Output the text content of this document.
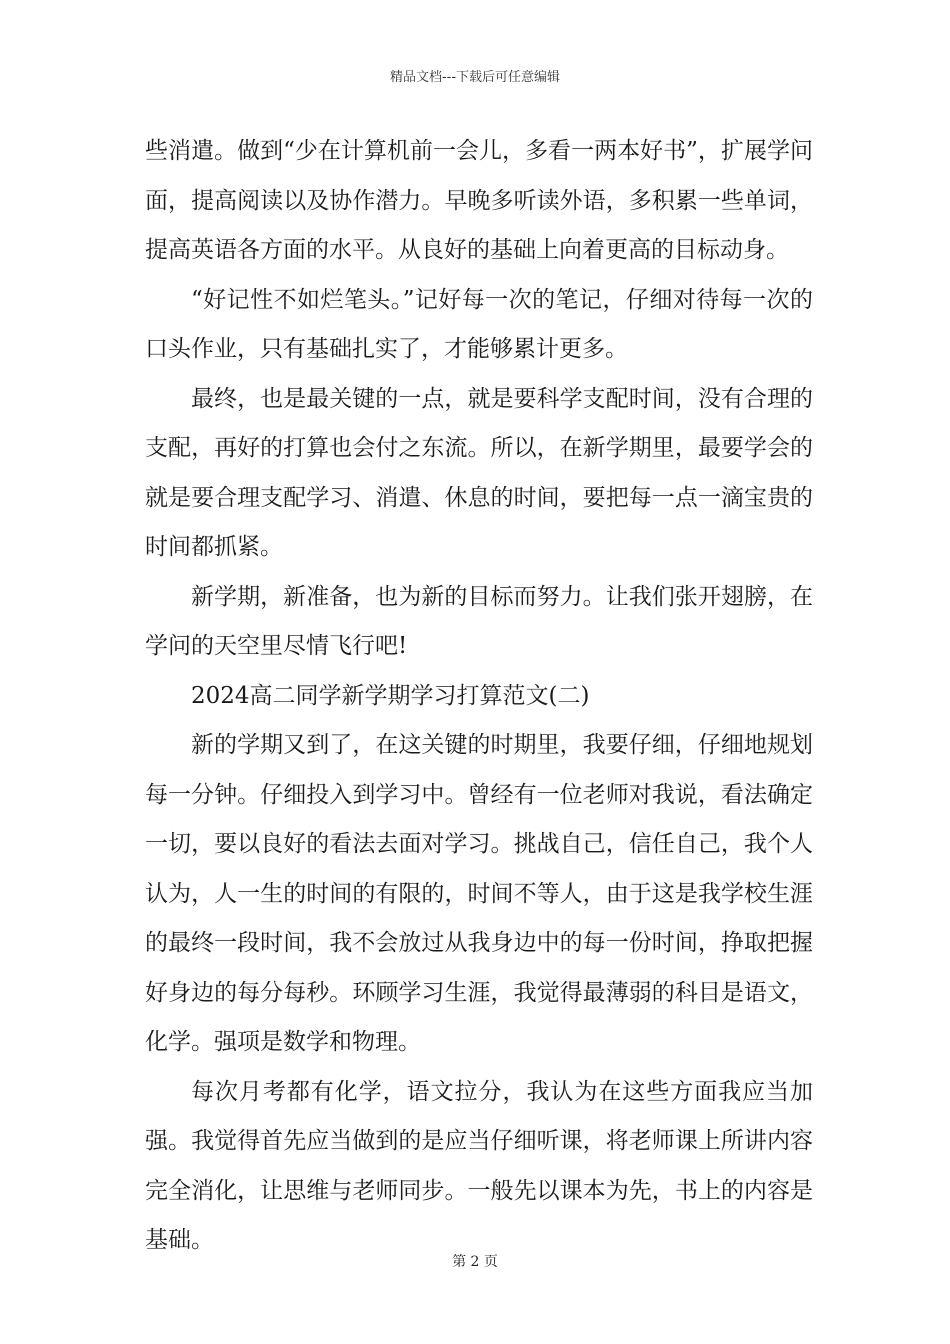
精品文档---下载后可任意编辑

些消遣。做到“少在计算机前一会儿，多看一两本好书”，扩展学问面，提高阅读以及协作潜力。早晚多听读外语，多积累一些单词，提高英语各方面的水平。从良好的基础上向着更高的目标动身。

“好记性不如烂笔头。”记好每一次的笔记，仔细对待每一次的口头作业，只有基础扎实了，才能够累计更多。

最终，也是最关键的一点，就是要科学支配时间，没有合理的支配，再好的打算也会付之东流。所以，在新学期里，最要学会的就是要合理支配学习、消遣、休息的时间，要把每一点一滴宝贵的时间都抓紧。

新学期，新准备，也为新的目标而努力。让我们张开翅膀，在学问的天空里尽情飞行吧!

2024高二同学新学期学习打算范文(二)

新的学期又到了，在这关键的时期里，我要仔细，仔细地规划每一分钟。仔细投入到学习中。曾经有一位老师对我说，看法确定一切，要以良好的看法去面对学习。挑战自己，信任自己，我个人认为，人一生的时间的有限的，时间不等人，由于这是我学校生涯的最终一段时间，我不会放过从我身边中的每一份时间，挣取把握好身边的每分每秒。环顾学习生涯，我觉得最薄弱的科目是语文，化学。强项是数学和物理。

每次月考都有化学，语文拉分，我认为在这些方面我应当加强。我觉得首先应当做到的是应当仔细听课，将老师课上所讲内容完全消化，让思维与老师同步。一般先以课本为先，书上的内容是基础。

第 2 页
